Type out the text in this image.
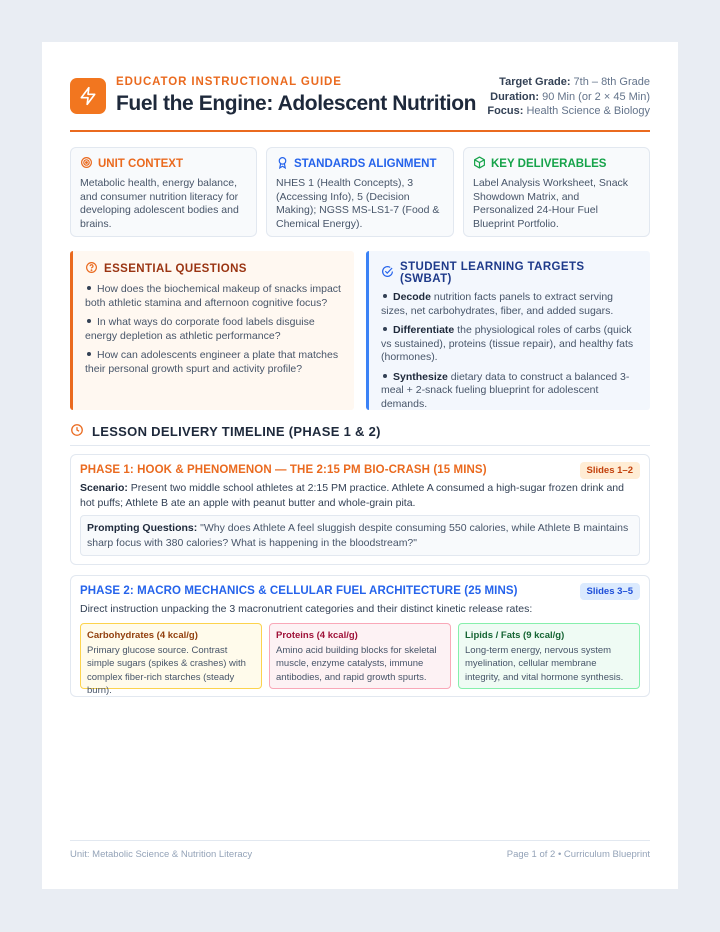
EDUCATOR INSTRUCTIONAL GUIDE
Fuel the Engine: Adolescent Nutrition
Target Grade: 7th – 8th Grade
Duration: 90 Min (or 2 × 45 Min)
Focus: Health Science & Biology
UNIT CONTEXT
Metabolic health, energy balance, and consumer nutrition literacy for developing adolescent bodies and brains.
STANDARDS ALIGNMENT
NHES 1 (Health Concepts), 3 (Accessing Info), 5 (Decision Making); NGSS MS-LS1-7 (Food & Chemical Energy).
KEY DELIVERABLES
Label Analysis Worksheet, Snack Showdown Matrix, and Personalized 24-Hour Fuel Blueprint Portfolio.
ESSENTIAL QUESTIONS
How does the biochemical makeup of snacks impact both athletic stamina and afternoon cognitive focus?
In what ways do corporate food labels disguise energy depletion as athletic performance?
How can adolescents engineer a plate that matches their personal growth spurt and activity profile?
STUDENT LEARNING TARGETS (SWBAT)
Decode nutrition facts panels to extract serving sizes, net carbohydrates, fiber, and added sugars.
Differentiate the physiological roles of carbs (quick vs sustained), proteins (tissue repair), and healthy fats (hormones).
Synthesize dietary data to construct a balanced 3-meal + 2-snack fueling blueprint for adolescent demands.
LESSON DELIVERY TIMELINE (PHASE 1 & 2)
PHASE 1: HOOK & PHENOMENON — THE 2:15 PM BIO-CRASH (15 MINS)	Slides 1–2
Scenario: Present two middle school athletes at 2:15 PM practice. Athlete A consumed a high-sugar frozen drink and hot puffs; Athlete B ate an apple with peanut butter and whole-grain pita.
Prompting Questions: "Why does Athlete A feel sluggish despite consuming 550 calories, while Athlete B maintains sharp focus with 380 calories? What is happening in the bloodstream?"
PHASE 2: MACRO MECHANICS & CELLULAR FUEL ARCHITECTURE (25 MINS)	Slides 3–5
Direct instruction unpacking the 3 macronutrient categories and their distinct kinetic release rates:
Carbohydrates (4 kcal/g)
Primary glucose source. Contrast simple sugars (spikes & crashes) with complex fiber-rich starches (steady burn).
Proteins (4 kcal/g)
Amino acid building blocks for skeletal muscle, enzyme catalysts, immune antibodies, and rapid growth spurts.
Lipids / Fats (9 kcal/g)
Long-term energy, nervous system myelination, cellular membrane integrity, and vital hormone synthesis.
Unit: Metabolic Science & Nutrition Literacy	Page 1 of 2 • Curriculum Blueprint
